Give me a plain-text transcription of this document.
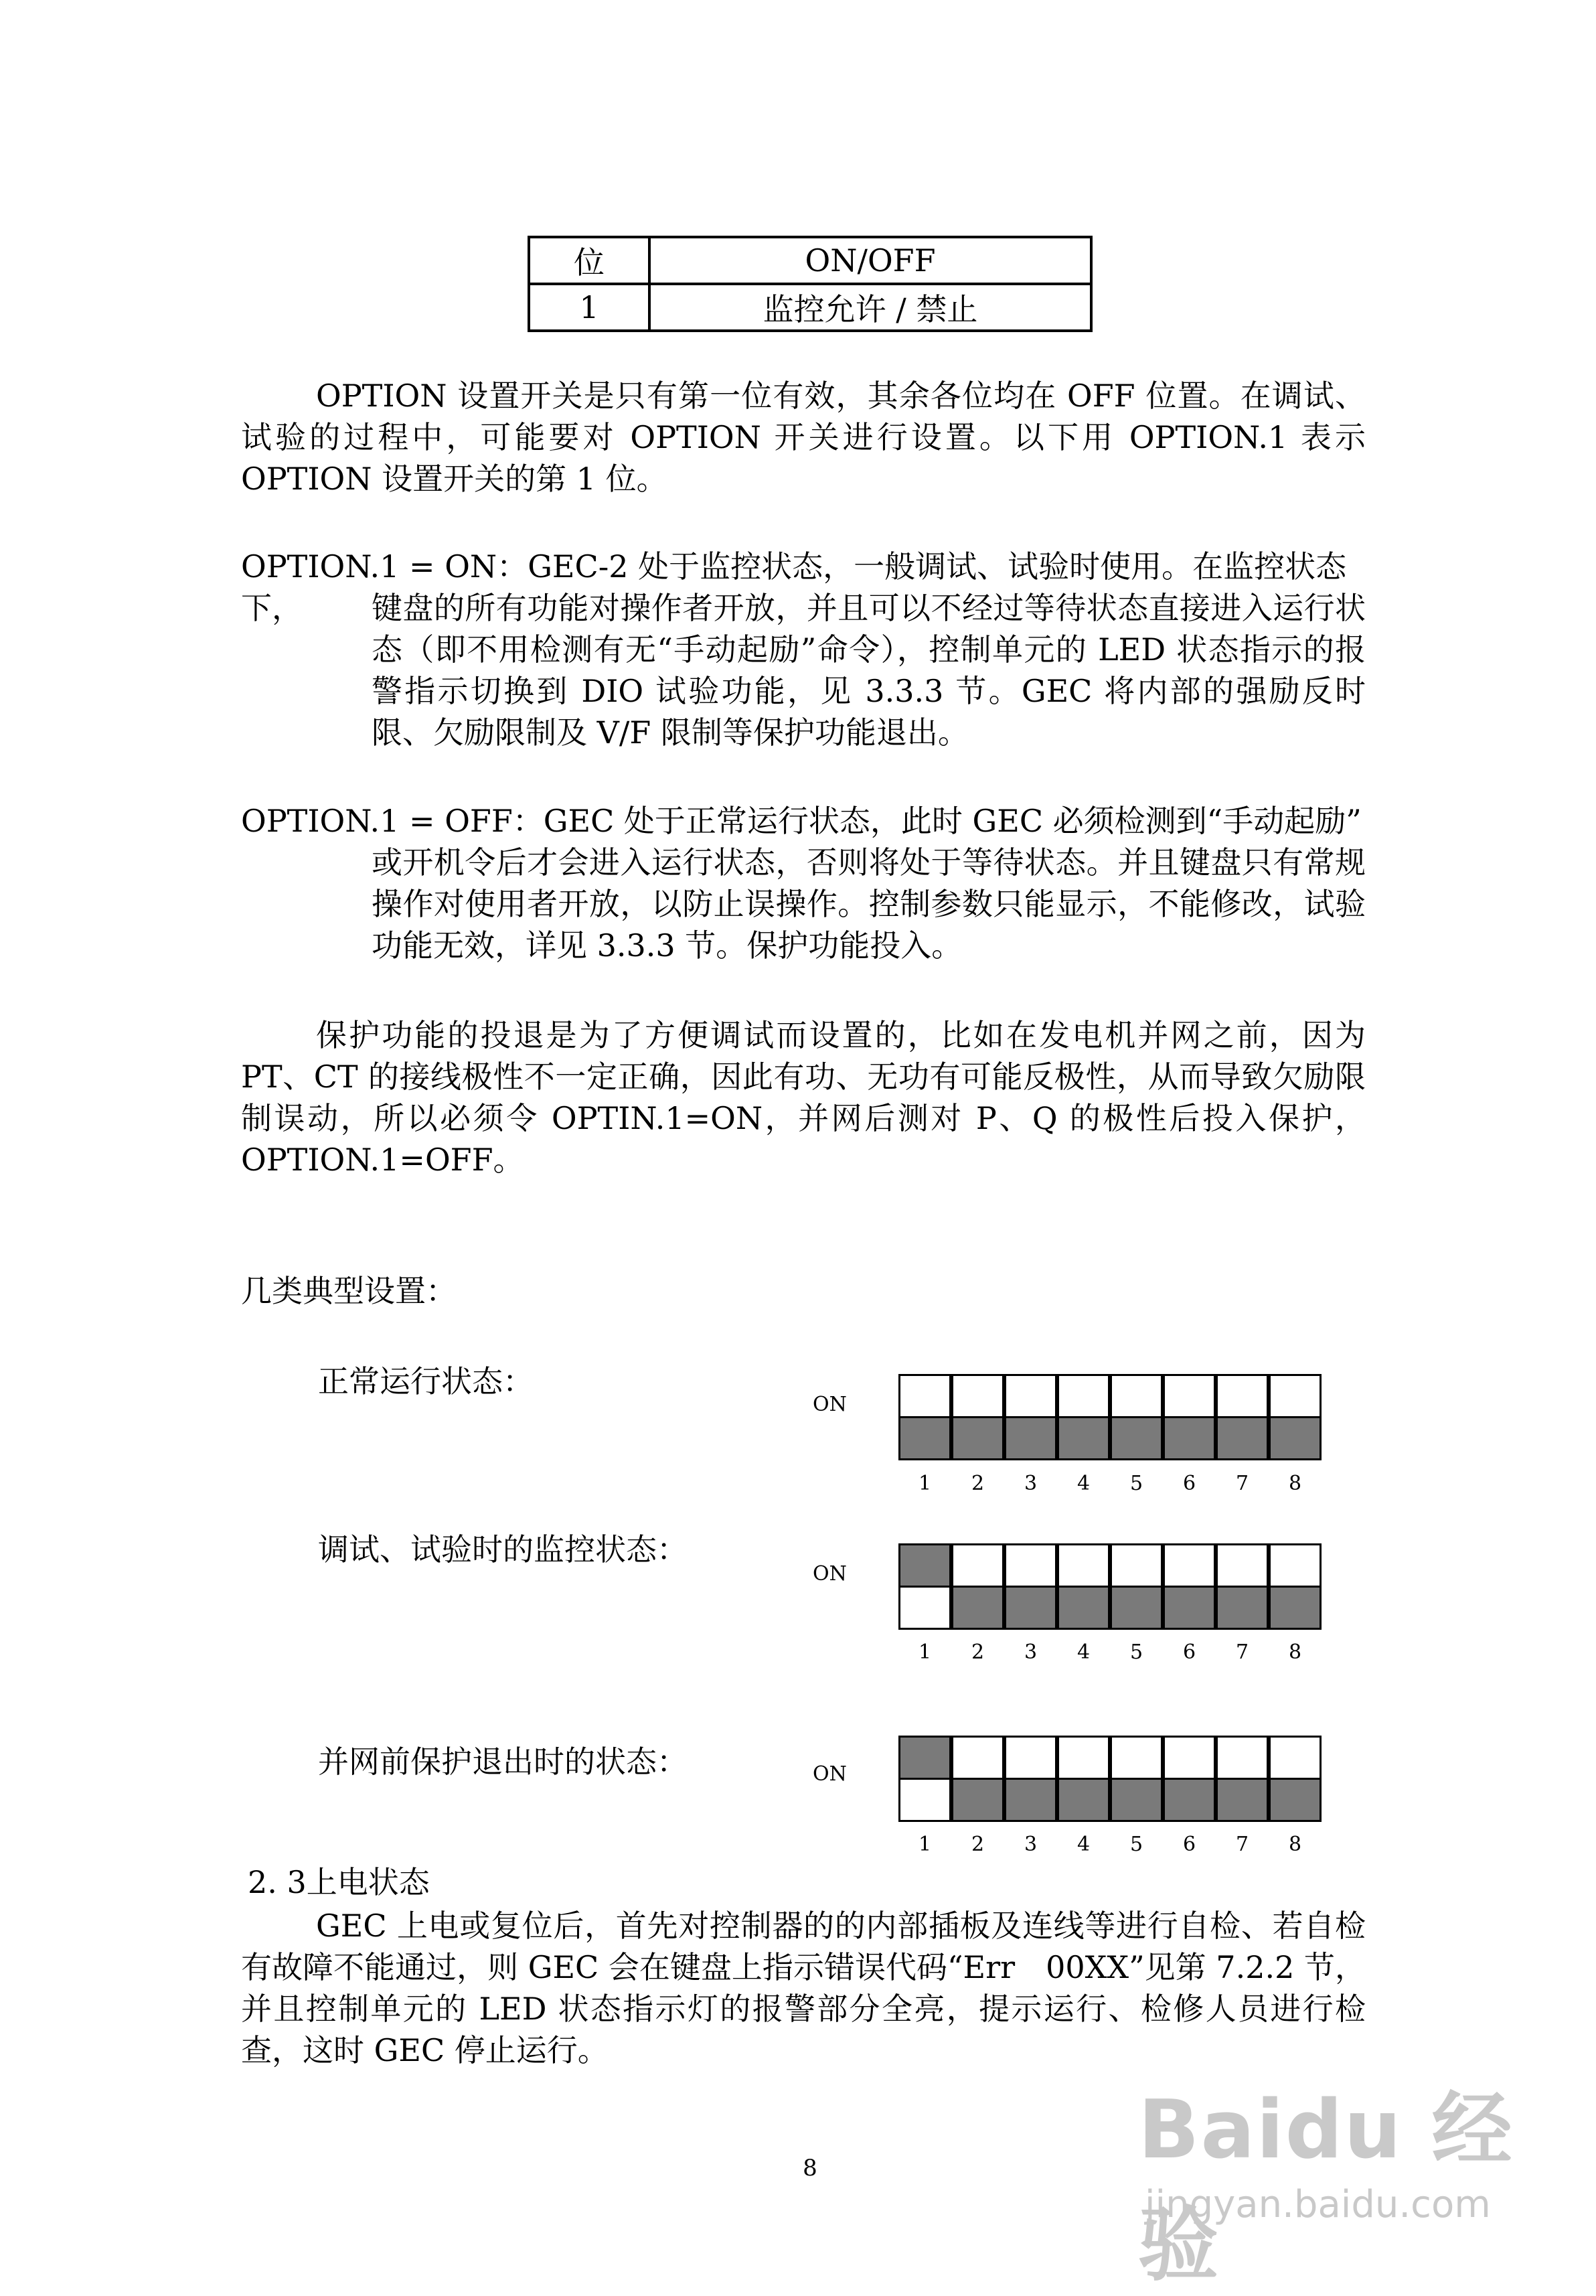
位	ON/OFF
1	监控允许 / 禁止
OPTION 设置开关是只有第一位有效，其余各位均在 OFF 位置。在调试、试验的过程中，可能要对 OPTION 开关进行设置。以下用 OPTION.1 表示 OPTION 设置开关的第 1 位。
OPTION.1 = ON：GEC-2 处于监控状态，一般调试、试验时使用。在监控状态下，	键盘的所有功能对操作者开放，并且可以不经过等待状态直接进入运行状态（即不用检测有无“手动起励”命令），控制单元的 LED 状态指示的报警指示切换到 DIO 试验功能，见 3.3.3 节。GEC 将内部的强励反时限、欠励限制及 V/F 限制等保护功能退出。
OPTION.1 = OFF：GEC 处于正常运行状态，此时 GEC 必须检测到“手动起励”
或开机令后才会进入运行状态，否则将处于等待状态。并且键盘只有常规操作对使用者开放，以防止误操作。控制参数只能显示，不能修改，试验功能无效，详见 3.3.3 节。保护功能投入。
保护功能的投退是为了方便调试而设置的，比如在发电机并网之前，因为 PT、CT 的接线极性不一定正确，因此有功、无功有可能反极性，从而导致欠励限制误动，所以必须令 OPTIN.1=ON，并网后测对 P、Q 的极性后投入保护，OPTION.1=OFF。
几类典型设置：
正常运行状态：
调试、试验时的监控状态：
并网前保护退出时的状态：
ON
1	2	3	4	5	6	7	8
ON
1	2	3	4	5	6	7	8
ON
1	2	3	4	5	6	7	8
2. 3上电状态
GEC 上电或复位后，首先对控制器的的内部插板及连线等进行自检、若自检有故障不能通过，则 GEC 会在键盘上指示错误代码“Err　00XX”见第 7.2.2 节，并且控制单元的 LED 状态指示灯的报警部分全亮，提示运行、检修人员进行检查，这时 GEC 停止运行。
8	Baidu 经验
jingyan.baidu.com
